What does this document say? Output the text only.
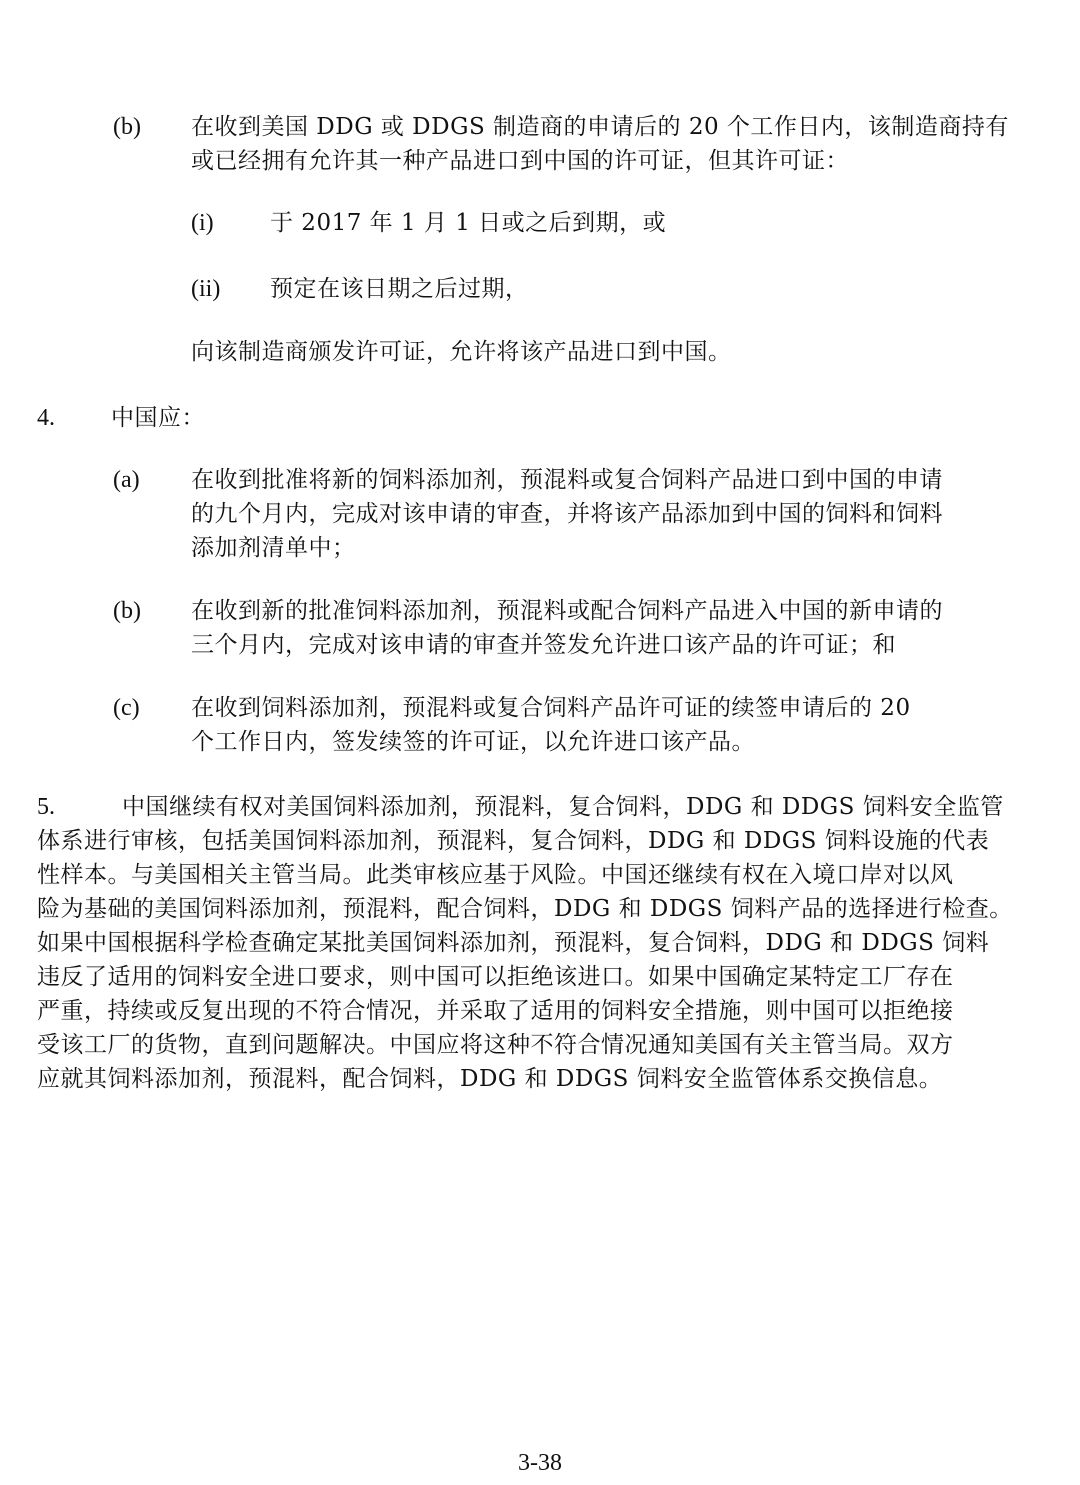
(b) 在收到美国 DDG 或 DDGS 制造商的申请后的 20 个工作日内，该制造商持有
或已经拥有允许其一种产品进口到中国的许可证，但其许可证：
(i) 于 2017 年 1 月 1 日或之后到期，或
(ii) 预定在该日期之后过期，
向该制造商颁发许可证，允许将该产品进口到中国。
4. 中国应：
(a) 在收到批准将新的饲料添加剂，预混料或复合饲料产品进口到中国的申请
的九个月内，完成对该申请的审查，并将该产品添加到中国的饲料和饲料
添加剂清单中；
(b) 在收到新的批准饲料添加剂，预混料或配合饲料产品进入中国的新申请的
三个月内，完成对该申请的审查并签发允许进口该产品的许可证；和
(c) 在收到饲料添加剂，预混料或复合饲料产品许可证的续签申请后的 20
个工作日内，签发续签的许可证，以允许进口该产品。
5.	中国继续有权对美国饲料添加剂，预混料，复合饲料，DDG 和 DDGS 饲料安全监管
体系进行审核，包括美国饲料添加剂，预混料，复合饲料，DDG 和 DDGS 饲料设施的代表
性样本。与美国相关主管当局。此类审核应基于风险。中国还继续有权在入境口岸对以风
险为基础的美国饲料添加剂，预混料，配合饲料，DDG 和 DDGS 饲料产品的选择进行检查。
如果中国根据科学检查确定某批美国饲料添加剂，预混料，复合饲料，DDG 和 DDGS 饲料
违反了适用的饲料安全进口要求，则中国可以拒绝该进口。如果中国确定某特定工厂存在
严重，持续或反复出现的不符合情况，并采取了适用的饲料安全措施，则中国可以拒绝接
受该工厂的货物，直到问题解决。中国应将这种不符合情况通知美国有关主管当局。双方
应就其饲料添加剂，预混料，配合饲料，DDG 和 DDGS 饲料安全监管体系交换信息。
3-38
